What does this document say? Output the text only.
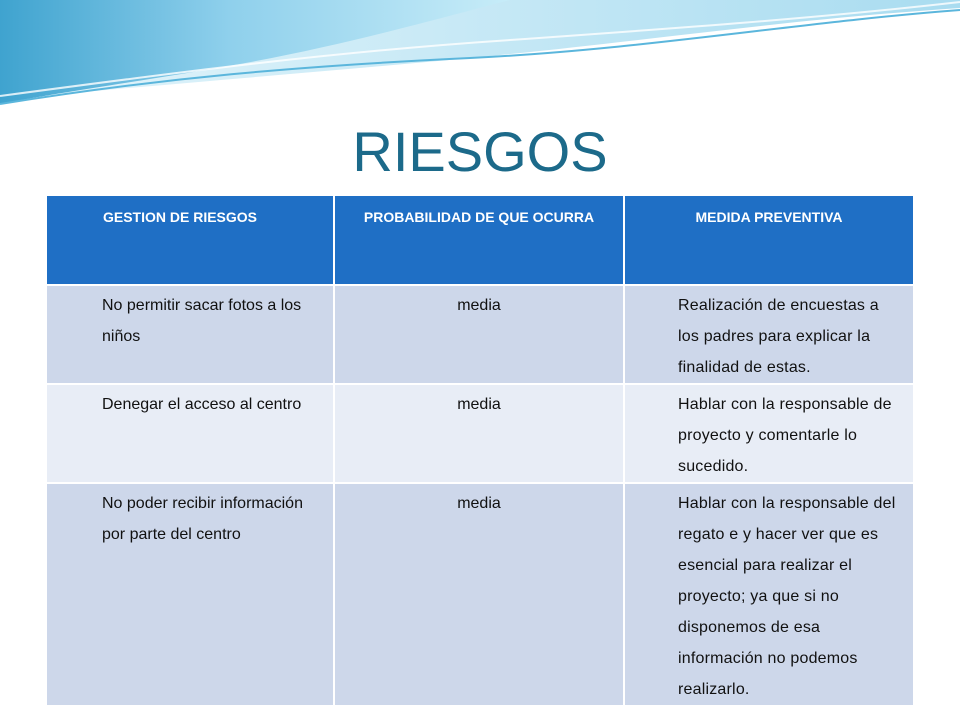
RIESGOS
GESTION DE RIESGOS	PROBABILIDAD DE QUE OCURRA	MEDIDA PREVENTIVA
No permitir sacar fotos a los niños	media	Realización de encuestas a los padres para explicar la finalidad de estas.
Denegar el acceso al centro	media	Hablar con la responsable de proyecto y comentarle lo sucedido.
No poder recibir información por parte del centro	media	Hablar con la responsable del regato e y hacer ver que es esencial para realizar el proyecto; ya que si no disponemos de esa información no podemos realizarlo.
